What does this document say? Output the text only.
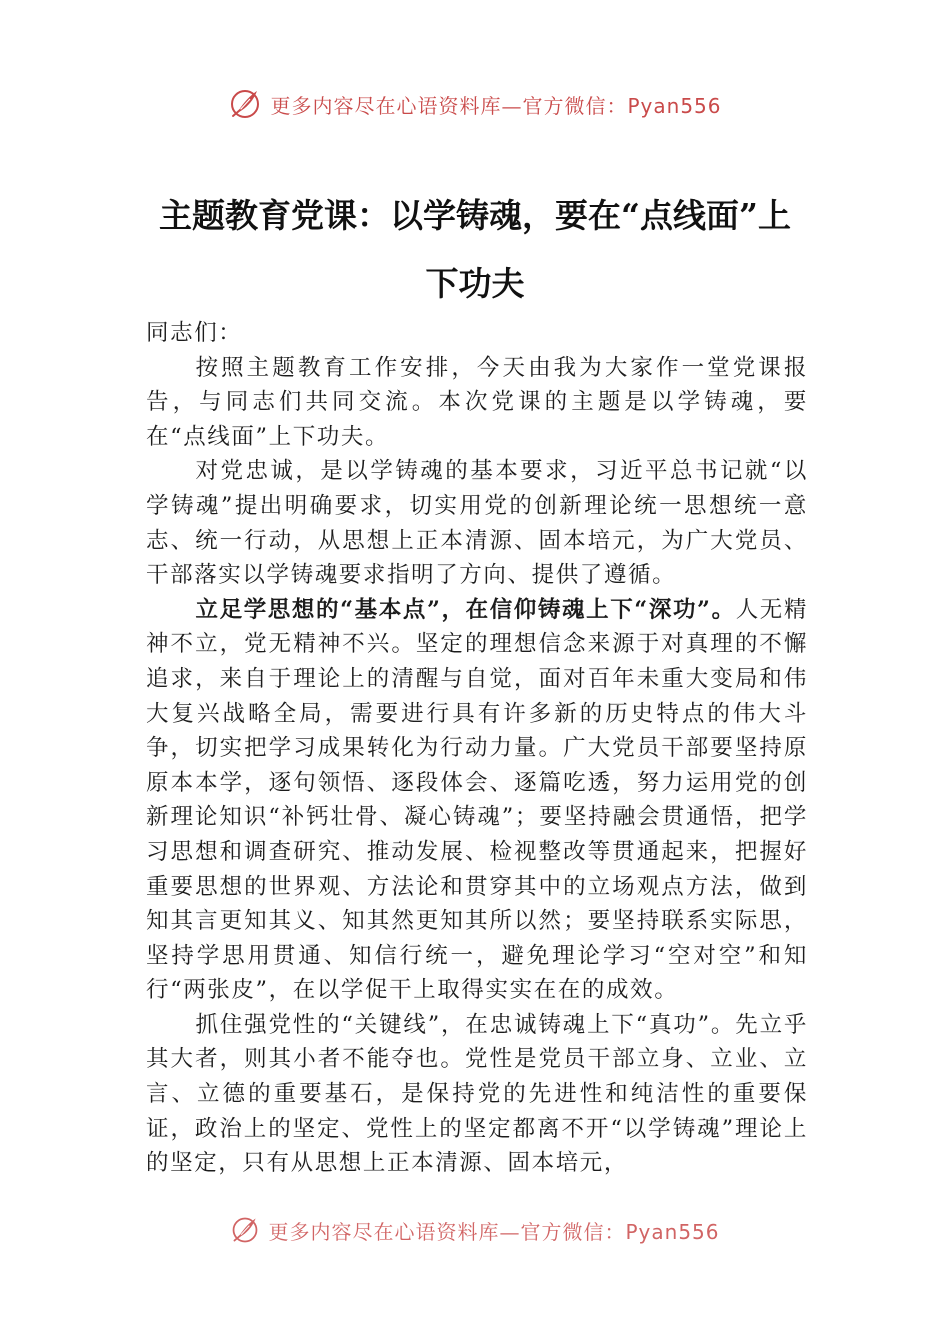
更多内容尽在心语资料库—官方微信：Pyan556
主题教育党课：以学铸魂，要在“点线面”上下功夫

同志们：

按照主题教育工作安排，今天由我为大家作一堂党课报告，与同志们共同交流。本次党课的主题是以学铸魂，要在“点线面”上下功夫。

对党忠诚，是以学铸魂的基本要求，习近平总书记就“以学铸魂”提出明确要求，切实用党的创新理论统一思想统一意志、统一行动，从思想上正本清源、固本培元，为广大党员、干部落实以学铸魂要求指明了方向、提供了遵循。

立足学思想的“基本点”，在信仰铸魂上下“深功”。人无精神不立，党无精神不兴。坚定的理想信念来源于对真理的不懈追求，来自于理论上的清醒与自觉，面对百年未重大变局和伟大复兴战略全局，需要进行具有许多新的历史特点的伟大斗争，切实把学习成果转化为行动力量。广大党员干部要坚持原原本本学，逐句领悟、逐段体会、逐篇吃透，努力运用党的创新理论知识“补钙壮骨、凝心铸魂”；要坚持融会贯通悟，把学习思想和调查研究、推动发展、检视整改等贯通起来，把握好重要思想的世界观、方法论和贯穿其中的立场观点方法，做到知其言更知其义、知其然更知其所以然；要坚持联系实际思，坚持学思用贯通、知信行统一，避免理论学习“空对空”和知行“两张皮”，在以学促干上取得实实在在的成效。

抓住强党性的“关键线”，在忠诚铸魂上下“真功”。先立乎其大者，则其小者不能夺也。党性是党员干部立身、立业、立言、立德的重要基石，是保持党的先进性和纯洁性的重要保证，政治上的坚定、党性上的坚定都离不开“以学铸魂”理论上的坚定，只有从思想上正本清源、固本培元，

更多内容尽在心语资料库—官方微信：Pyan556
